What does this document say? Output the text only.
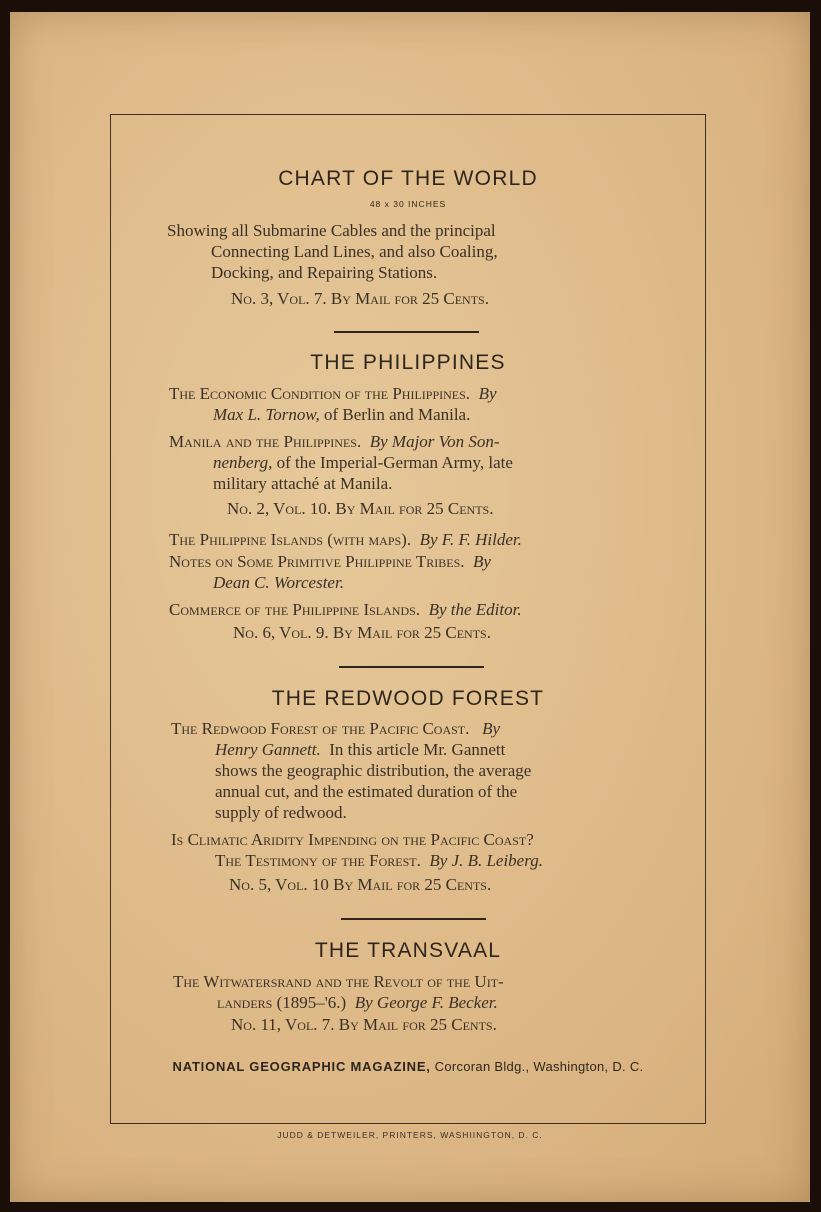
CHART OF THE WORLD
48 x 30 INCHES
Showing all Submarine Cables and the principal
Connecting Land Lines, and also Coaling,
Docking, and Repairing Stations.
No. 3, Vol. 7. By Mail for 25 Cents.
THE PHILIPPINES
The Economic Condition of the Philippines. By
Max L. Tornow, of Berlin and Manila.
Manila and the Philippines. By Major Von Son-
nenberg, of the Imperial-German Army, late
military attaché at Manila.
No. 2, Vol. 10. By Mail for 25 Cents.
The Philippine Islands (with maps). By F. F. Hilder.
Notes on Some Primitive Philippine Tribes. By
Dean C. Worcester.
Commerce of the Philippine Islands. By the Editor.
No. 6, Vol. 9. By Mail for 25 Cents.
THE REDWOOD FOREST
The Redwood Forest of the Pacific Coast. By
Henry Gannett. In this article Mr. Gannett
shows the geographic distribution, the average
annual cut, and the estimated duration of the
supply of redwood.
Is Climatic Aridity Impending on the Pacific Coast?
The Testimony of the Forest. By J. B. Leiberg.
No. 5, Vol. 10 By Mail for 25 Cents.
THE TRANSVAAL
The Witwatersrand and the Revolt of the Uit-
landers (1895–'6.) By George F. Becker.
No. 11, Vol. 7. By Mail for 25 Cents.
NATIONAL GEOGRAPHIC MAGAZINE, Corcoran Bldg., Washington, D. C.
JUDD & DETWEILER, PRINTERS, WASHIINGTON, D. C.
